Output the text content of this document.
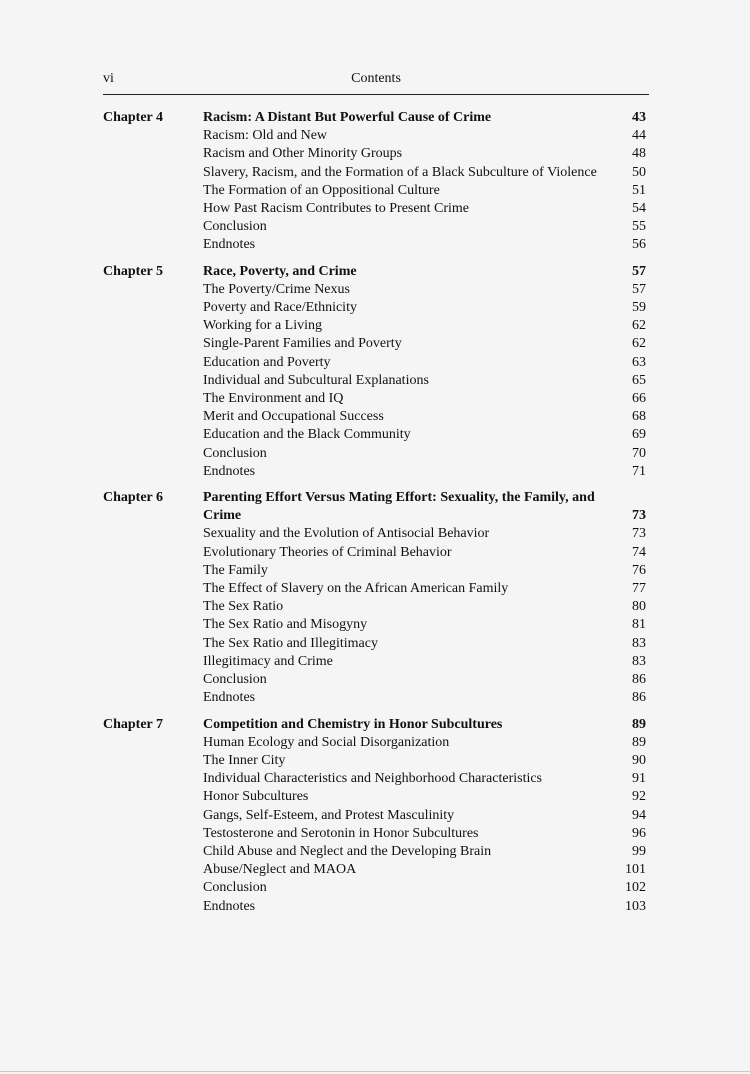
vi	Contents
Chapter 4	Racism: A Distant But Powerful Cause of Crime	43
Racism: Old and New	44
Racism and Other Minority Groups	48
Slavery, Racism, and the Formation of a Black Subculture of Violence	50
The Formation of an Oppositional Culture	51
How Past Racism Contributes to Present Crime	54
Conclusion	55
Endnotes	56
Chapter 5	Race, Poverty, and Crime	57
The Poverty/Crime Nexus	57
Poverty and Race/Ethnicity	59
Working for a Living	62
Single-Parent Families and Poverty	62
Education and Poverty	63
Individual and Subcultural Explanations	65
The Environment and IQ	66
Merit and Occupational Success	68
Education and the Black Community	69
Conclusion	70
Endnotes	71
Chapter 6	Parenting Effort Versus Mating Effort: Sexuality, the Family, and Crime	73
Sexuality and the Evolution of Antisocial Behavior	73
Evolutionary Theories of Criminal Behavior	74
The Family	76
The Effect of Slavery on the African American Family	77
The Sex Ratio	80
The Sex Ratio and Misogyny	81
The Sex Ratio and Illegitimacy	83
Illegitimacy and Crime	83
Conclusion	86
Endnotes	86
Chapter 7	Competition and Chemistry in Honor Subcultures	89
Human Ecology and Social Disorganization	89
The Inner City	90
Individual Characteristics and Neighborhood Characteristics	91
Honor Subcultures	92
Gangs, Self-Esteem, and Protest Masculinity	94
Testosterone and Serotonin in Honor Subcultures	96
Child Abuse and Neglect and the Developing Brain	99
Abuse/Neglect and MAOA	101
Conclusion	102
Endnotes	103
